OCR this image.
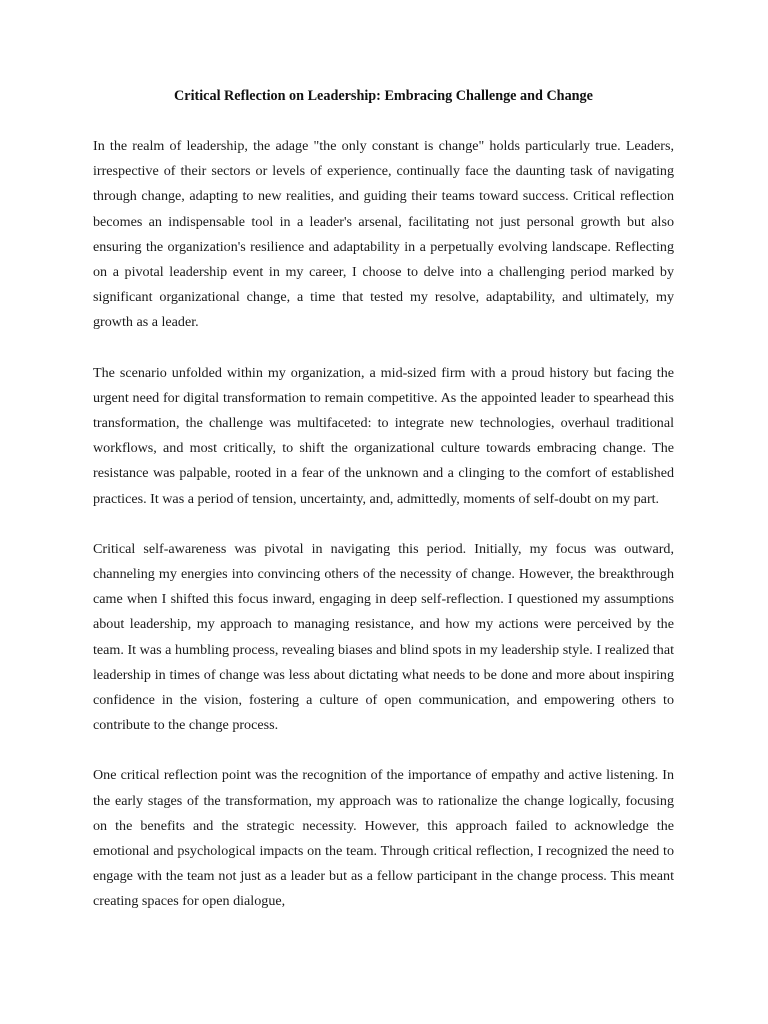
Critical Reflection on Leadership: Embracing Challenge and Change

In the realm of leadership, the adage "the only constant is change" holds particularly true. Leaders, irrespective of their sectors or levels of experience, continually face the daunting task of navigating through change, adapting to new realities, and guiding their teams toward success. Critical reflection becomes an indispensable tool in a leader's arsenal, facilitating not just personal growth but also ensuring the organization's resilience and adaptability in a perpetually evolving landscape. Reflecting on a pivotal leadership event in my career, I choose to delve into a challenging period marked by significant organizational change, a time that tested my resolve, adaptability, and ultimately, my growth as a leader.

The scenario unfolded within my organization, a mid-sized firm with a proud history but facing the urgent need for digital transformation to remain competitive. As the appointed leader to spearhead this transformation, the challenge was multifaceted: to integrate new technologies, overhaul traditional workflows, and most critically, to shift the organizational culture towards embracing change. The resistance was palpable, rooted in a fear of the unknown and a clinging to the comfort of established practices. It was a period of tension, uncertainty, and, admittedly, moments of self-doubt on my part.

Critical self-awareness was pivotal in navigating this period. Initially, my focus was outward, channeling my energies into convincing others of the necessity of change. However, the breakthrough came when I shifted this focus inward, engaging in deep self-reflection. I questioned my assumptions about leadership, my approach to managing resistance, and how my actions were perceived by the team. It was a humbling process, revealing biases and blind spots in my leadership style. I realized that leadership in times of change was less about dictating what needs to be done and more about inspiring confidence in the vision, fostering a culture of open communication, and empowering others to contribute to the change process.

One critical reflection point was the recognition of the importance of empathy and active listening. In the early stages of the transformation, my approach was to rationalize the change logically, focusing on the benefits and the strategic necessity. However, this approach failed to acknowledge the emotional and psychological impacts on the team. Through critical reflection, I recognized the need to engage with the team not just as a leader but as a fellow participant in the change process. This meant creating spaces for open dialogue,
